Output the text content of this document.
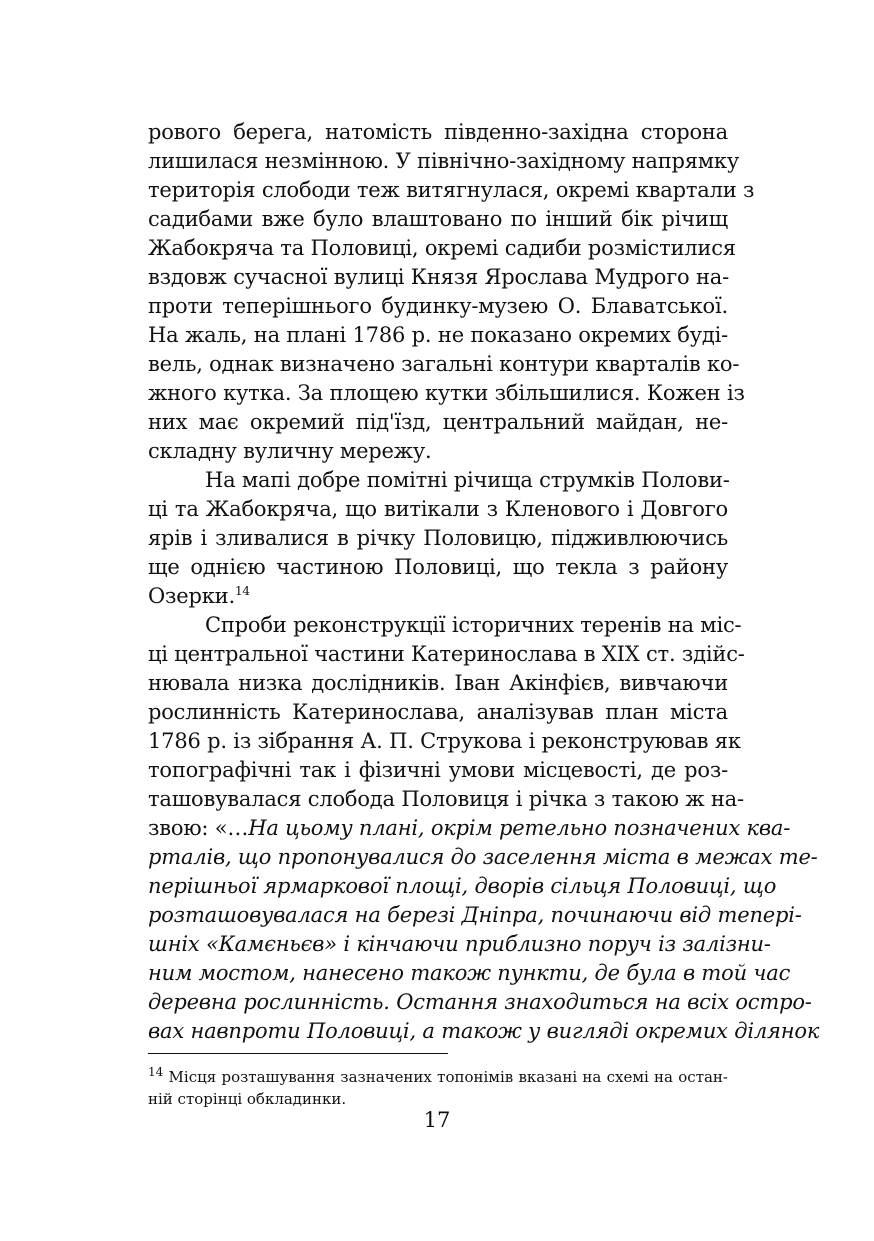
рового берега, натомість південно-західна сторона
лишилася незмінною. У північно-західному напрямку
територія слободи теж витягнулася, окремі квартали з
садибами вже було влаштовано по інший бік річищ
Жабокряча та Половиці, окремі садиби розмістилися
вздовж сучасної вулиці Князя Ярослава Мудрого на-
проти теперішнього будинку-музею О. Блаватської.
На жаль, на плані 1786 р. не показано окремих буді-
вель, однак визначено загальні контури кварталів ко-
жного кутка. За площею кутки збільшилися. Кожен із
них має окремий під'їзд, центральний майдан, не-
складну вуличну мережу.
На мапі добре помітні річища струмків Полови-
ці та Жабокряча, що витікали з Кленового і Довгого
ярів і зливалися в річку Половицю, підживлюючись
ще однією частиною Половиці, що текла з району
Озерки.$^{14}$
Спроби реконструкції історичних теренів на міс-
ці центральної частини Катеринослава в ХІХ ст. здійс-
нювала низка дослідників. Іван Акінфієв, вивчаючи
рослинність Катеринослава, аналізував план міста
1786 р. із зібрання А. П. Струкова і реконструював як
топографічні так і фізичні умови місцевості, де роз-
ташовувалася слобода Половиця і річка з такою ж на-
звою: «…На цьому плані, окрім ретельно позначених ква-
рталів, що пропонувалися до заселення міста в межах те-
перішньої ярмаркової площі, дворів сільця Половиці, що
розташовувалася на березі Дніпра, починаючи від тепері-
шніх «Камєньєв» і кінчаючи приблизно поруч із залізни-
ним мостом, нанесено також пункти, де була в той час
деревна рослинність. Остання знаходиться на всіх остро-
вах навпроти Половиці, а також у вигляді окремих ділянок
$^{14}$ Місця розташування зазначених топонімів вказані на схемі на остан-
ній сторінці обкладинки.
17
